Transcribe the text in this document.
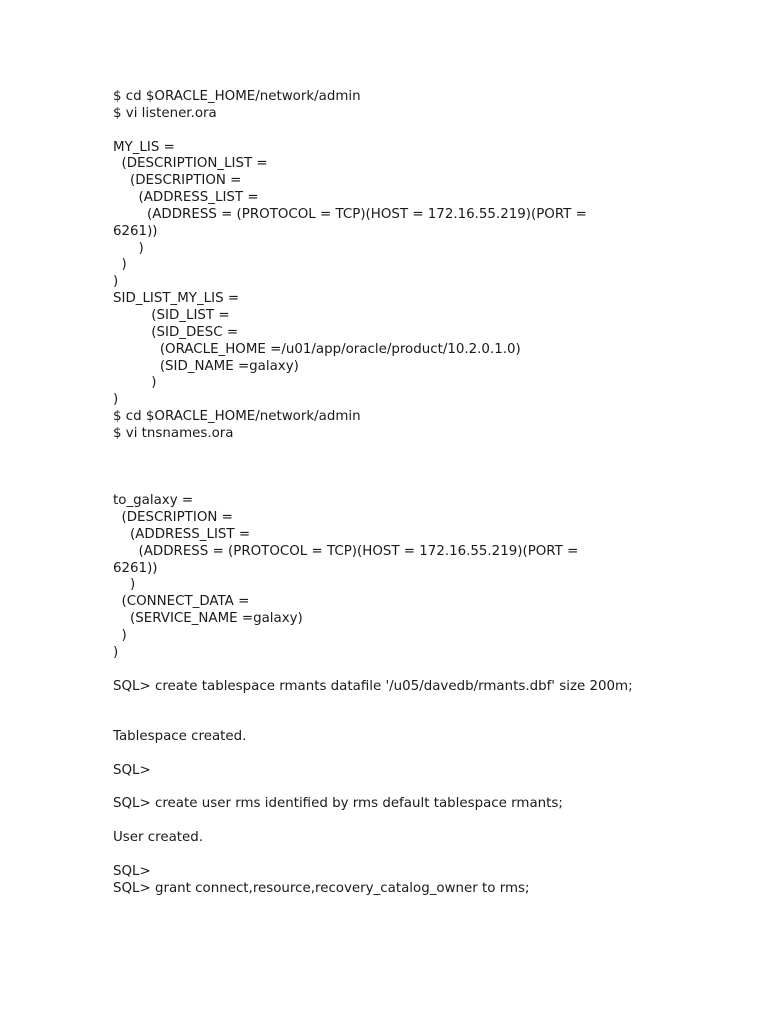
$ cd $ORACLE_HOME/network/admin
$ vi listener.ora
MY_LIS =
(DESCRIPTION_LIST =
(DESCRIPTION =
(ADDRESS_LIST =
(ADDRESS = (PROTOCOL = TCP)(HOST = 172.16.55.219)(PORT =
6261))
)
)
)
SID_LIST_MY_LIS =
(SID_LIST =
(SID_DESC =
(ORACLE_HOME =/u01/app/oracle/product/10.2.0.1.0)
(SID_NAME =galaxy)
)
)
$ cd $ORACLE_HOME/network/admin
$ vi tnsnames.ora
to_galaxy =
(DESCRIPTION =
(ADDRESS_LIST =
(ADDRESS = (PROTOCOL = TCP)(HOST = 172.16.55.219)(PORT =
6261))
)
(CONNECT_DATA =
(SERVICE_NAME =galaxy)
)
)
SQL> create tablespace rmants datafile '/u05/davedb/rmants.dbf' size 200m;
Tablespace created.
SQL>
SQL> create user rms identified by rms default tablespace rmants;
User created.
SQL>
SQL> grant connect,resource,recovery_catalog_owner to rms;
